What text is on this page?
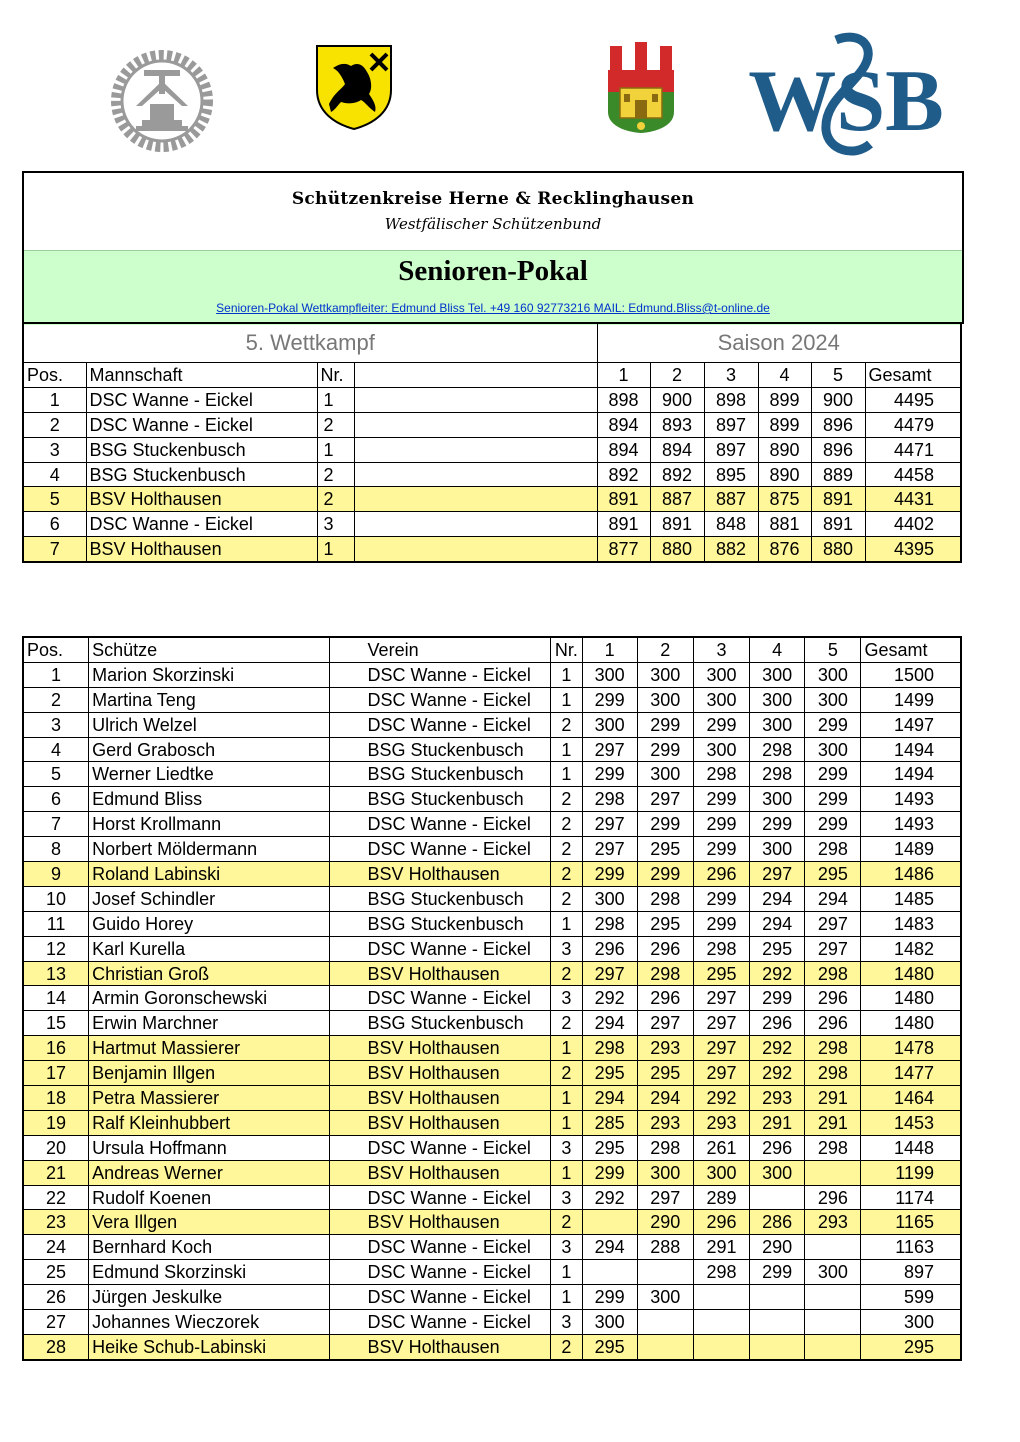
WSB
Schützenkreise Herne & Recklinghausen
Westfälischer Schützenbund
Senioren-Pokal
Senioren-Pokal Wettkampfleiter: Edmund Bliss Tel. +49 160 92773216 MAIL: Edmund.Bliss@t-online.de
5. Wettkampf				Saison 2024					
Pos.	Mannschaft	Nr.		1	2	3	4	5	Gesamt
1	DSC Wanne - Eickel	1		898	900	898	899	900	4495
2	DSC Wanne - Eickel	2		894	893	897	899	896	4479
3	BSG Stuckenbusch	1		894	894	897	890	896	4471
4	BSG Stuckenbusch	2		892	892	895	890	889	4458
5	BSV Holthausen	2		891	887	887	875	891	4431
6	DSC Wanne - Eickel	3		891	891	848	881	891	4402
7	BSV Holthausen	1		877	880	882	876	880	4395
Pos.	Schütze	Verein	Nr.	1	2	3	4	5	Gesamt
1	Marion Skorzinski	DSC Wanne - Eickel	1	300	300	300	300	300	1500
2	Martina Teng	DSC Wanne - Eickel	1	299	300	300	300	300	1499
3	Ulrich Welzel	DSC Wanne - Eickel	2	300	299	299	300	299	1497
4	Gerd Grabosch	BSG Stuckenbusch	1	297	299	300	298	300	1494
5	Werner Liedtke	BSG Stuckenbusch	1	299	300	298	298	299	1494
6	Edmund Bliss	BSG Stuckenbusch	2	298	297	299	300	299	1493
7	Horst Krollmann	DSC Wanne - Eickel	2	297	299	299	299	299	1493
8	Norbert Möldermann	DSC Wanne - Eickel	2	297	295	299	300	298	1489
9	Roland Labinski	BSV Holthausen	2	299	299	296	297	295	1486
10	Josef Schindler	BSG Stuckenbusch	2	300	298	299	294	294	1485
11	Guido Horey	BSG Stuckenbusch	1	298	295	299	294	297	1483
12	Karl Kurella	DSC Wanne - Eickel	3	296	296	298	295	297	1482
13	Christian Groß	BSV Holthausen	2	297	298	295	292	298	1480
14	Armin Goronschewski	DSC Wanne - Eickel	3	292	296	297	299	296	1480
15	Erwin Marchner	BSG Stuckenbusch	2	294	297	297	296	296	1480
16	Hartmut Massierer	BSV Holthausen	1	298	293	297	292	298	1478
17	Benjamin Illgen	BSV Holthausen	2	295	295	297	292	298	1477
18	Petra Massierer	BSV Holthausen	1	294	294	292	293	291	1464
19	Ralf Kleinhubbert	BSV Holthausen	1	285	293	293	291	291	1453
20	Ursula Hoffmann	DSC Wanne - Eickel	3	295	298	261	296	298	1448
21	Andreas Werner	BSV Holthausen	1	299	300	300	300		1199
22	Rudolf Koenen	DSC Wanne - Eickel	3	292	297	289		296	1174
23	Vera Illgen	BSV Holthausen	2		290	296	286	293	1165
24	Bernhard Koch	DSC Wanne - Eickel	3	294	288	291	290		1163
25	Edmund Skorzinski	DSC Wanne - Eickel	1			298	299	300	897
26	Jürgen Jeskulke	DSC Wanne - Eickel	1	299	300				599
27	Johannes Wieczorek	DSC Wanne - Eickel	3	300					300
28	Heike Schub-Labinski	BSV Holthausen	2	295					295
